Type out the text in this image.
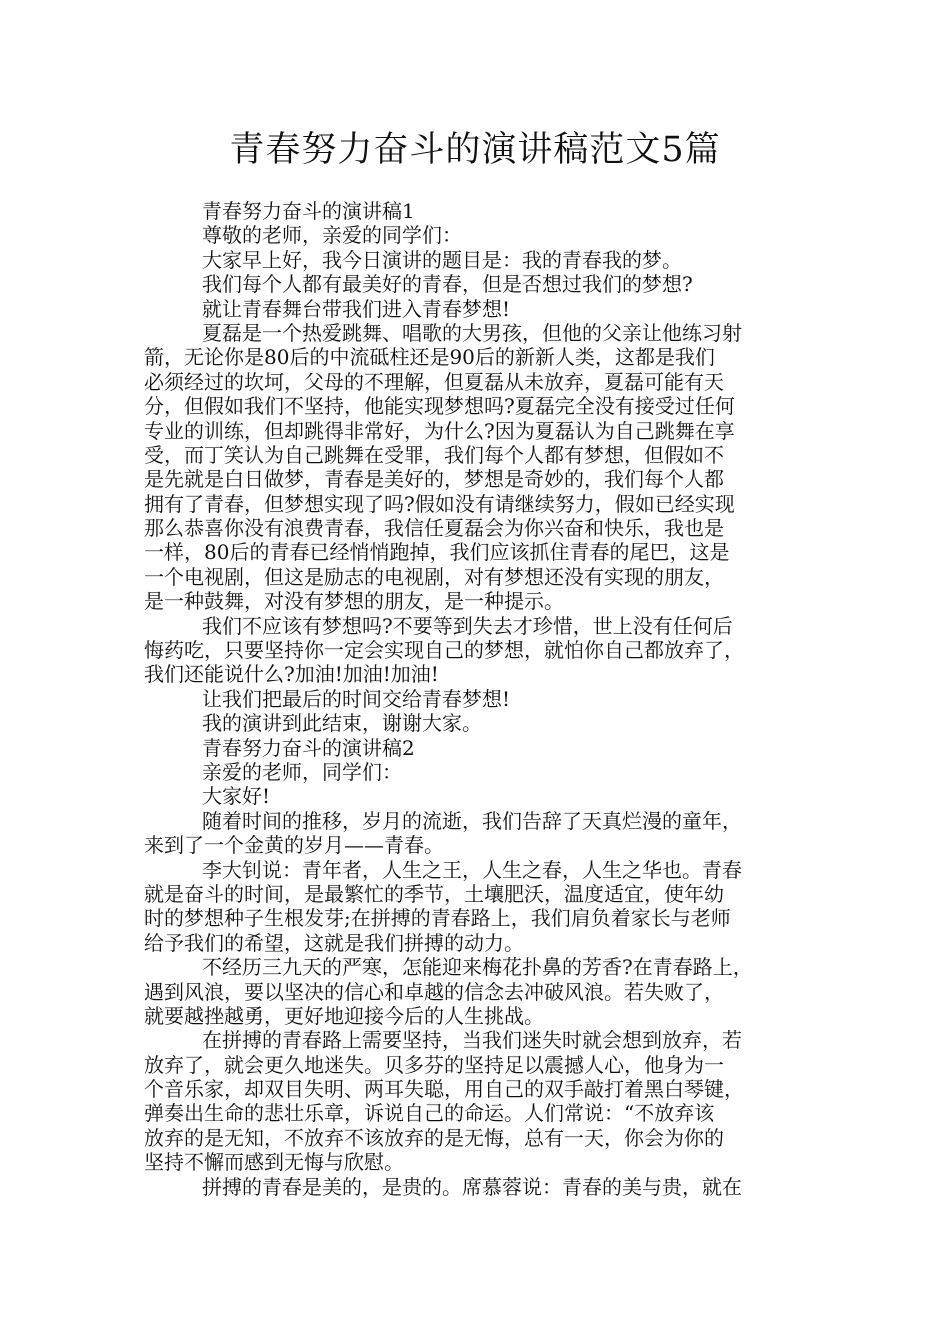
青春努力奋斗的演讲稿范文5篇
青春努力奋斗的演讲稿1
尊敬的老师，亲爱的同学们：
大家早上好，我今日演讲的题目是：我的青春我的梦。
我们每个人都有最美好的青春，但是否想过我们的梦想?
就让青春舞台带我们进入青春梦想!
夏磊是一个热爱跳舞、唱歌的大男孩，但他的父亲让他练习射
箭，无论你是80后的中流砥柱还是90后的新新人类，这都是我们
必须经过的坎坷，父母的不理解，但夏磊从未放弃，夏磊可能有天
分，但假如我们不坚持，他能实现梦想吗?夏磊完全没有接受过任何
专业的训练，但却跳得非常好，为什么?因为夏磊认为自己跳舞在享
受，而丁笑认为自己跳舞在受罪，我们每个人都有梦想，但假如不
是先就是白日做梦，青春是美好的，梦想是奇妙的，我们每个人都
拥有了青春，但梦想实现了吗?假如没有请继续努力，假如已经实现
那么恭喜你没有浪费青春，我信任夏磊会为你兴奋和快乐，我也是
一样，80后的青春已经悄悄跑掉，我们应该抓住青春的尾巴，这是
一个电视剧，但这是励志的电视剧，对有梦想还没有实现的朋友，
是一种鼓舞，对没有梦想的朋友，是一种提示。
我们不应该有梦想吗?不要等到失去才珍惜，世上没有任何后
悔药吃，只要坚持你一定会实现自己的梦想，就怕你自己都放弃了，
我们还能说什么?加油!加油!加油!
让我们把最后的时间交给青春梦想!
我的演讲到此结束，谢谢大家。
青春努力奋斗的演讲稿2
亲爱的老师，同学们：
大家好!
随着时间的推移，岁月的流逝，我们告辞了天真烂漫的童年，
来到了一个金黄的岁月——青春。
李大钊说：青年者，人生之王，人生之春，人生之华也。青春
就是奋斗的时间，是最繁忙的季节，土壤肥沃，温度适宜，使年幼
时的梦想种子生根发芽;在拼搏的青春路上，我们肩负着家长与老师
给予我们的希望，这就是我们拼搏的动力。
不经历三九天的严寒，怎能迎来梅花扑鼻的芳香?在青春路上，
遇到风浪，要以坚决的信心和卓越的信念去冲破风浪。若失败了，
就要越挫越勇，更好地迎接今后的人生挑战。
在拼搏的青春路上需要坚持，当我们迷失时就会想到放弃，若
放弃了，就会更久地迷失。贝多芬的坚持足以震撼人心，他身为一
个音乐家，却双目失明、两耳失聪，用自己的双手敲打着黑白琴键，
弹奏出生命的悲壮乐章，诉说自己的命运。人们常说：“不放弃该
放弃的是无知，不放弃不该放弃的是无悔，总有一天，你会为你的
坚持不懈而感到无悔与欣慰。
拼搏的青春是美的，是贵的。席慕蓉说：青春的美与贵，就在
